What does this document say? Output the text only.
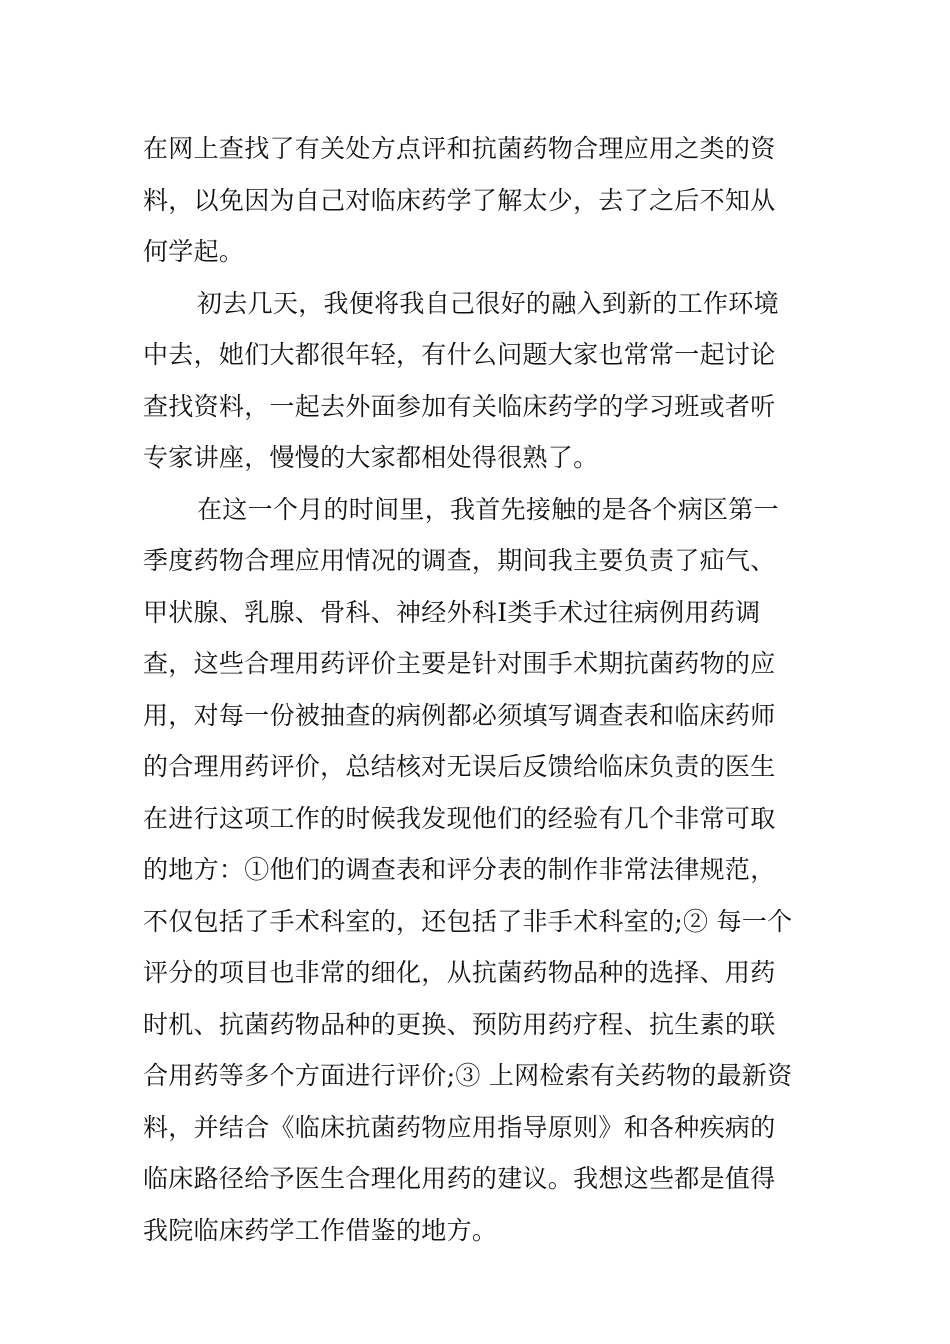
在网上查找了有关处方点评和抗菌药物合理应用之类的资
料，以免因为自己对临床药学了解太少，去了之后不知从
何学起。
初去几天，我便将我自己很好的融入到新的工作环境
中去，她们大都很年轻，有什么问题大家也常常一起讨论
查找资料，一起去外面参加有关临床药学的学习班或者听
专家讲座，慢慢的大家都相处得很熟了。
在这一个月的时间里，我首先接触的是各个病区第一
季度药物合理应用情况的调查，期间我主要负责了疝气、
甲状腺、乳腺、骨科、神经外科Ⅰ类手术过往病例用药调
查，这些合理用药评价主要是针对围手术期抗菌药物的应
用，对每一份被抽查的病例都必须填写调查表和临床药师
的合理用药评价，总结核对无误后反馈给临床负责的医生
在进行这项工作的时候我发现他们的经验有几个非常可取
的地方：①他们的调查表和评分表的制作非常法律规范，
不仅包括了手术科室的，还包括了非手术科室的;② 每一个
评分的项目也非常的细化，从抗菌药物品种的选择、用药
时机、抗菌药物品种的更换、预防用药疗程、抗生素的联
合用药等多个方面进行评价;③ 上网检索有关药物的最新资
料，并结合《临床抗菌药物应用指导原则》和各种疾病的
临床路径给予医生合理化用药的建议。我想这些都是值得
我院临床药学工作借鉴的地方。
